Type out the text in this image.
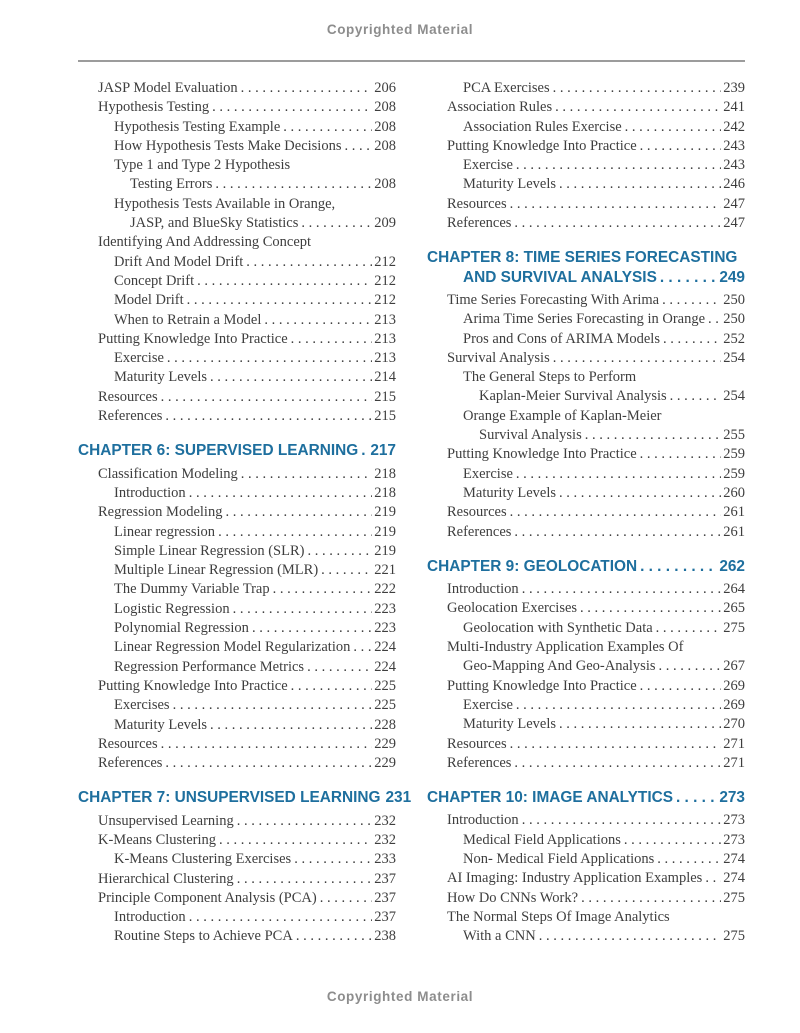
Copyrighted Material
JASP Model Evaluation . . .	206
Hypothesis Testing . . .	208
Hypothesis Testing Example . . .	208
How Hypothesis Tests Make Decisions . . . 208
Type 1 and Type 2 Hypothesis
Testing Errors . . .	208
Hypothesis Tests Available in Orange,
JASP, and BlueSky Statistics . . .	209
Identifying And Addressing Concept
Drift And Model Drift . . .	212
Concept Drift . . .	212
Model Drift . . .	212
When to Retrain a Model . . .	213
Putting Knowledge Into Practice . . .	213
Exercise . . .	213
Maturity Levels . . .	214
Resources . . .	215
References . . .	215
CHAPTER 6: SUPERVISED LEARNING . . . 217
Classification Modeling . . .	218
Introduction . . .	218
Regression Modeling . . .	219
Linear regression . . .	219
Simple Linear Regression (SLR) . . .	219
Multiple Linear Regression (MLR) . . .	221
The Dummy Variable Trap . . .	222
Logistic Regression . . .	223
Polynomial Regression . . .	223
Linear Regression Model Regularization . . . 224
Regression Performance Metrics . . .	224
Putting Knowledge Into Practice . . .	225
Exercises . . .	225
Maturity Levels . . .	228
Resources . . .	229
References . . .	229
CHAPTER 7: UNSUPERVISED LEARNING 231
Unsupervised Learning . . .	232
K-Means Clustering . . .	232
K-Means Clustering Exercises . . .	233
Hierarchical Clustering . . .	237
Principle Component Analysis (PCA) . . .	237
Introduction . . .	237
Routine Steps to Achieve PCA . . .	238
PCA Exercises . . .	239
Association Rules . . .	241
Association Rules Exercise . . .	242
Putting Knowledge Into Practice . . .	243
Exercise . . .	243
Maturity Levels . . .	246
Resources . . .	247
References . . .	247
CHAPTER 8: TIME SERIES FORECASTING
AND SURVIVAL ANALYSIS . . .	249
Time Series Forecasting With Arima . . .	250
Arima Time Series Forecasting in Orange . . . 250
Pros and Cons of ARIMA Models . . .	252
Survival Analysis . . .	254
The General Steps to Perform
Kaplan-Meier Survival Analysis . . .	254
Orange Example of Kaplan-Meier
Survival Analysis . . .	255
Putting Knowledge Into Practice . . .	259
Exercise . . .	259
Maturity Levels . . .	260
Resources . . .	261
References . . .	261
CHAPTER 9: GEOLOCATION . . .	262
Introduction . . .	264
Geolocation Exercises . . .	265
Geolocation with Synthetic Data . . .	275
Multi-Industry Application Examples Of
Geo-Mapping And Geo-Analysis . . .	267
Putting Knowledge Into Practice . . .	269
Exercise . . .	269
Maturity Levels . . .	270
Resources . . .	271
References . . .	271
CHAPTER 10: IMAGE ANALYTICS . . .	273
Introduction . . .	273
Medical Field Applications . . .	273
Non- Medical Field Applications . . .	274
AI Imaging: Industry Application Examples . . . 274
How Do CNNs Work? . . .	275
The Normal Steps Of Image Analytics
With a CNN . . .	275
Copyrighted Material
